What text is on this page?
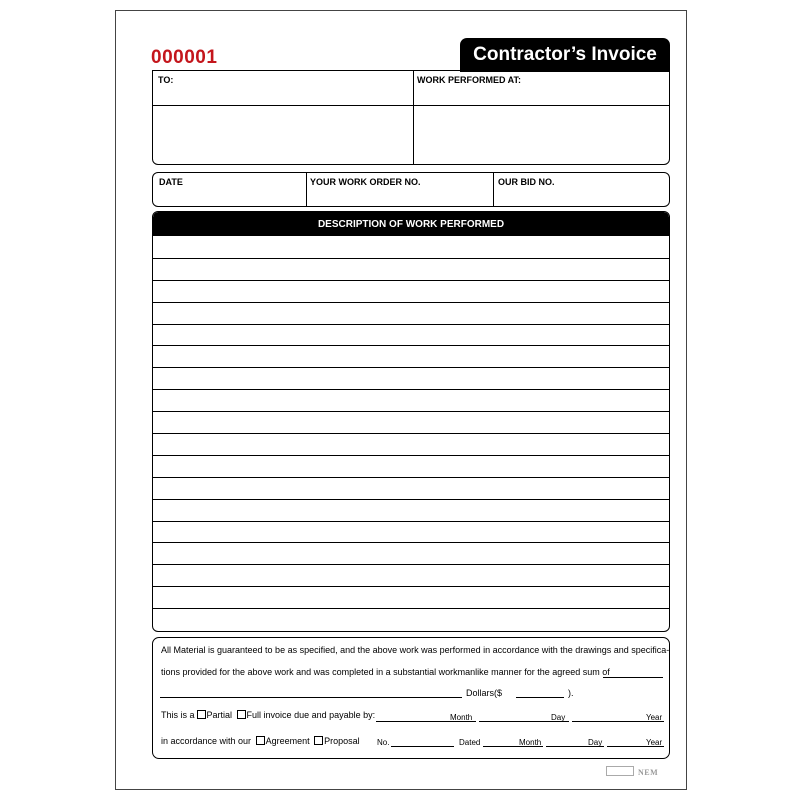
000001	Contractor’s Invoice
TO:	WORK PERFORMED AT:
DATE	YOUR WORK ORDER NO.	OUR BID NO.
DESCRIPTION OF WORK PERFORMED
All Material is guaranteed to be as specified, and the above work was performed in accordance with the drawings and specifica-
tions provided for the above work and was completed in a substantial workmanlike manner for the agreed sum of
Dollars($	).
This is a Partial Full invoice due and payable by:	Month	Day	Year
in accordance with our Agreement Proposal No.	Dated	Month	Day	Year
NEM
